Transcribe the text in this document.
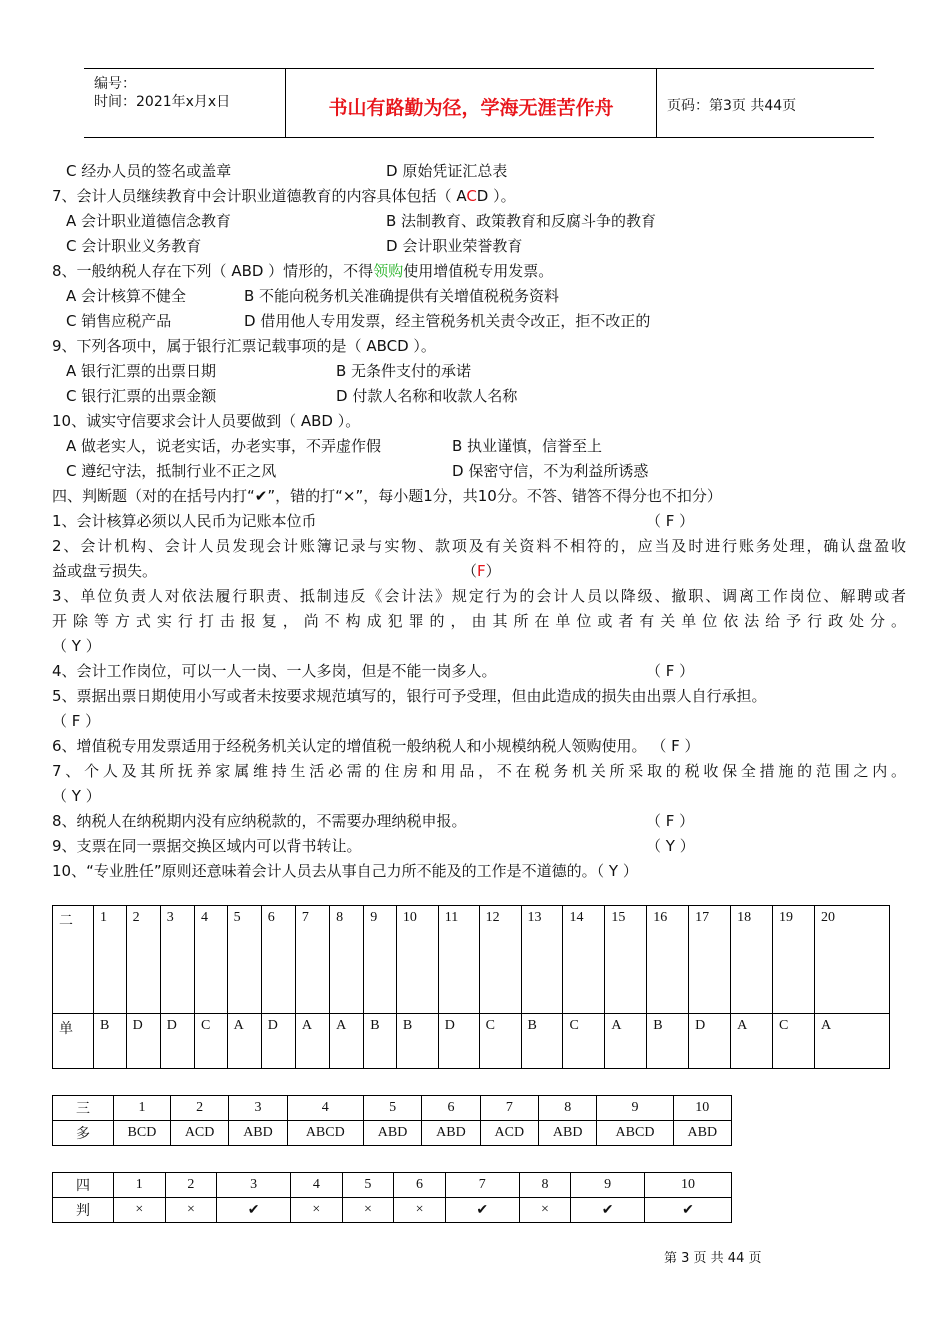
编号：
时间：2021年x月x日	书山有路勤为径，学海无涯苦作舟	页码：第3页 共44页
C 经办人员的签名或盖章	D 原始凭证汇总表
7、会计人员继续教育中会计职业道德教育的内容具体包括（ ACD ）。
A 会计职业道德信念教育	B 法制教育、政策教育和反腐斗争的教育
C 会计职业义务教育	D 会计职业荣誉教育
8、一般纳税人存在下列（ ABD ）情形的，不得领购使用增值税专用发票。
A 会计核算不健全	B 不能向税务机关准确提供有关增值税税务资料
C 销售应税产品	D 借用他人专用发票，经主管税务机关责令改正，拒不改正的
9、下列各项中，属于银行汇票记载事项的是（ ABCD ）。
A 银行汇票的出票日期	B 无条件支付的承诺
C 银行汇票的出票金额	D 付款人名称和收款人名称
10、诚实守信要求会计人员要做到（ ABD ）。
A 做老实人，说老实话，办老实事，不弄虚作假	B 执业谨慎，信誉至上
C 遵纪守法，抵制行业不正之风	D 保密守信，不为利益所诱惑
四、判断题（对的在括号内打“✔”，错的打“×”，每小题1分，共10分。不答、错答不得分也不扣分）
1、会计核算必须以人民币为记账本位币	（ F ）
2、会计机构、会计人员发现会计账簿记录与实物、款项及有关资料不相符的，应当及时进行账务处理，确认盘盈收
益或盘亏损失。	（F）
3、单位负责人对依法履行职责、抵制违反《会计法》规定行为的会计人员以降级、撤职、调离工作岗位、解聘或者
开除等方式实行打击报复，尚不构成犯罪的，由其所在单位或者有关单位依法给予行政处分。
（ Y ）
4、会计工作岗位，可以一人一岗、一人多岗，但是不能一岗多人。	（ F ）
5、票据出票日期使用小写或者未按要求规范填写的，银行可予受理，但由此造成的损失由出票人自行承担。
（ F ）
6、增值税专用发票适用于经税务机关认定的增值税一般纳税人和小规模纳税人领购使用。 （ F ）
7、个人及其所抚养家属维持生活必需的住房和用品，不在税务机关所采取的税收保全措施的范围之内。
（ Y ）
8、纳税人在纳税期内没有应纳税款的，不需要办理纳税申报。	（ F ）
9、支票在同一票据交换区域内可以背书转让。	（ Y ）
10、“专业胜任”原则还意味着会计人员去从事自己力所不能及的工作是不道德的。（ Y ）
二	1	2	3	4	5	6	7	8	9	10	11	12	13	14	15	16	17	18	19	20
单	B	D	D	C	A	D	A	A	B	B	D	C	B	C	A	B	D	A	C	A
三	1	2	3	4	5	6	7	8	9	10
多	BCD	ACD	ABD	ABCD	ABD	ABD	ACD	ABD	ABCD	ABD
四	1	2	3	4	5	6	7	8	9	10
判	×	×	✔	×	×	×	✔	×	✔	✔
第 3 页 共 44 页
